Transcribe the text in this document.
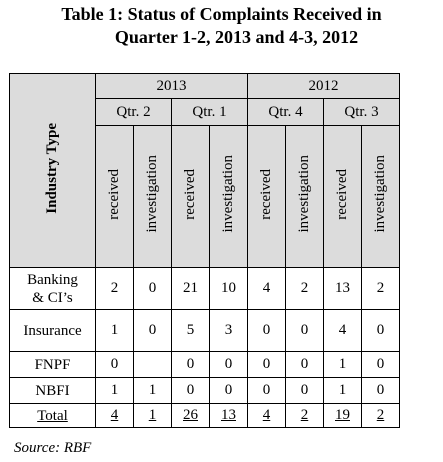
Table 1: Status of Complaints Received in
Quarter 1-2, 2013 and 4-3, 2012
Industry Type	2013				2012			
	Qtr. 2		Qtr. 1		Qtr. 4		Qtr. 3	
	received	investigation	received	investigation	received	investigation	received	investigation
Banking
& CI’s	2	0	21	10	4	2	13	2
Insurance	1	0	5	3	0	0	4	0
FNPF	0		0	0	0	0	1	0
NBFI	1	1	0	0	0	0	1	0
Total	4	1	26	13	4	2	19	2
Source: RBF
